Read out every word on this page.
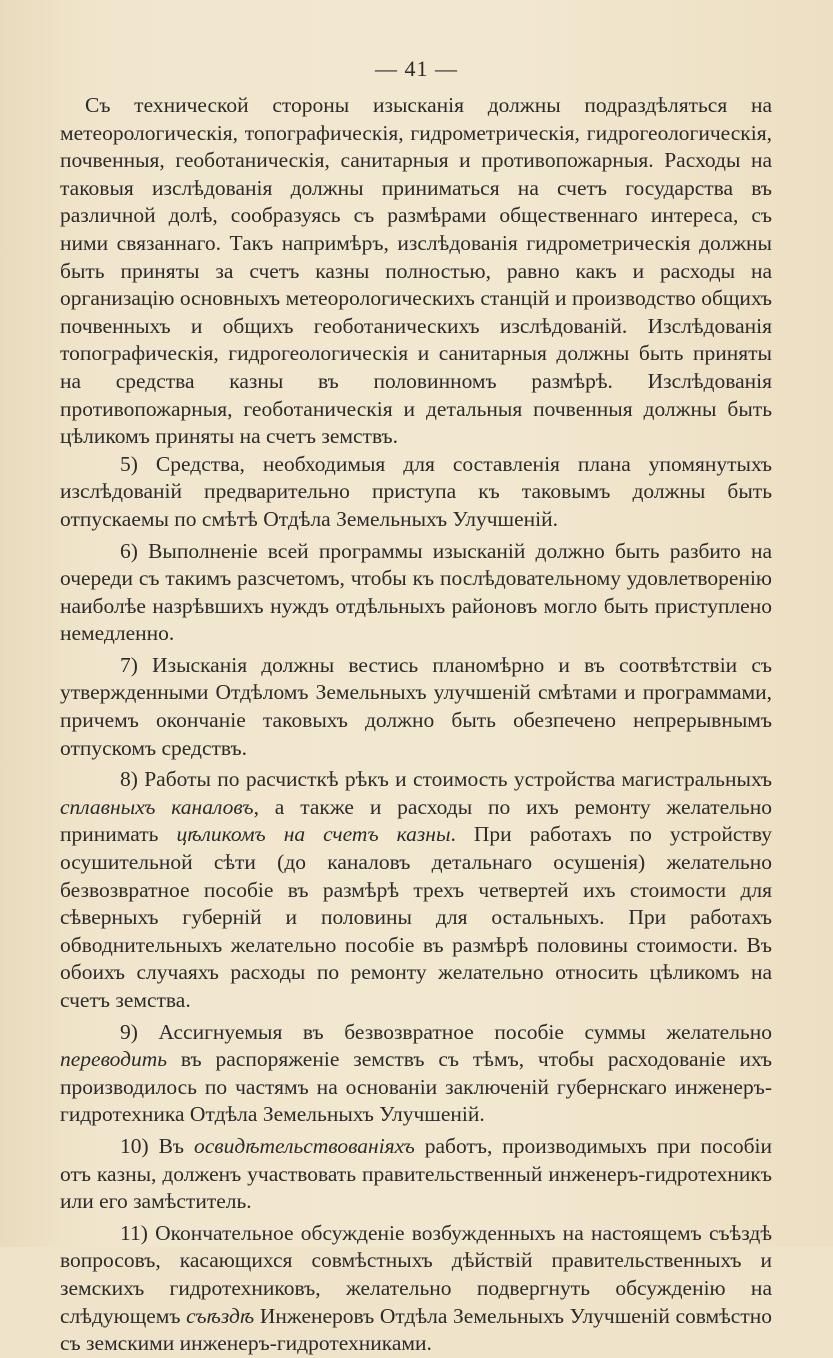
— 41 —

Съ технической стороны изысканія должны подраздѣляться на метеорологическія, топографическія, гидрометрическія, гидрогеологическія, почвенныя, геоботаническія, санитарныя и противопожарныя. Расходы на таковыя изслѣдованія должны приниматься на счетъ государства въ различной долѣ, сообразуясь съ размѣрами общественнаго интереса, съ ними связаннаго. Такъ напримѣръ, изслѣдованія гидрометрическія должны быть приняты за счетъ казны полностью, равно какъ и расходы на организацію основныхъ метеорологическихъ станцій и производство общихъ почвенныхъ и общихъ геоботаническихъ изслѣдованій. Изслѣдованія топографическія, гидрогеологическія и санитарныя должны быть приняты на средства казны въ половинномъ размѣрѣ. Изслѣдованія противопожарныя, геоботаническія и детальныя почвенныя должны быть цѣликомъ приняты на счетъ земствъ.

5) Средства, необходимыя для составленія плана упомянутыхъ изслѣдованій предварительно приступа къ таковымъ должны быть отпускаемы по смѣтѣ Отдѣла Земельныхъ Улучшеній.

6) Выполненіе всей программы изысканій должно быть разбито на очереди съ такимъ разсчетомъ, чтобы къ послѣдовательному удовлетворенію наиболѣе назрѣвшихъ нуждъ отдѣльныхъ районовъ могло быть приступлено немедленно.

7) Изысканія должны вестись планомѣрно и въ соотвѣтствіи съ утвержденными Отдѣломъ Земельныхъ улучшеній смѣтами и программами, причемъ окончаніе таковыхъ должно быть обезпечено непрерывнымъ отпускомъ средствъ.

8) Работы по расчисткѣ рѣкъ и стоимость устройства магистральныхъ сплавныхъ каналовъ, а также и расходы по ихъ ремонту желательно принимать цѣликомъ на счетъ казны. При работахъ по устройству осушительной сѣти (до каналовъ детальнаго осушенія) желательно безвозвратное пособіе въ размѣрѣ трехъ четвертей ихъ стоимости для сѣверныхъ губерній и половины для остальныхъ. При работахъ обводнительныхъ желательно пособіе въ размѣрѣ половины стоимости. Въ обоихъ случаяхъ расходы по ремонту желательно относить цѣликомъ на счетъ земства.

9) Ассигнуемыя въ безвозвратное пособіе суммы желательно переводить въ распоряженіе земствъ съ тѣмъ, чтобы расходованіе ихъ производилось по частямъ на основаніи заключеній губернскаго инженеръ-гидротехника Отдѣла Земельныхъ Улучшеній.

10) Въ освидѣтельствованіяхъ работъ, производимыхъ при пособіи отъ казны, долженъ участвовать правительственный инженеръ-гидротехникъ или его замѣститель.

11) Окончательное обсужденіе возбужденныхъ на настоящемъ съѣздѣ вопросовъ, касающихся совмѣстныхъ дѣйствій правительственныхъ и земскихъ гидротехниковъ, желательно подвергнуть обсужденію на слѣдующемъ съѣздѣ Инженеровъ Отдѣла Земельныхъ Улучшеній совмѣстно съ земскими инженеръ-гидротехниками.
